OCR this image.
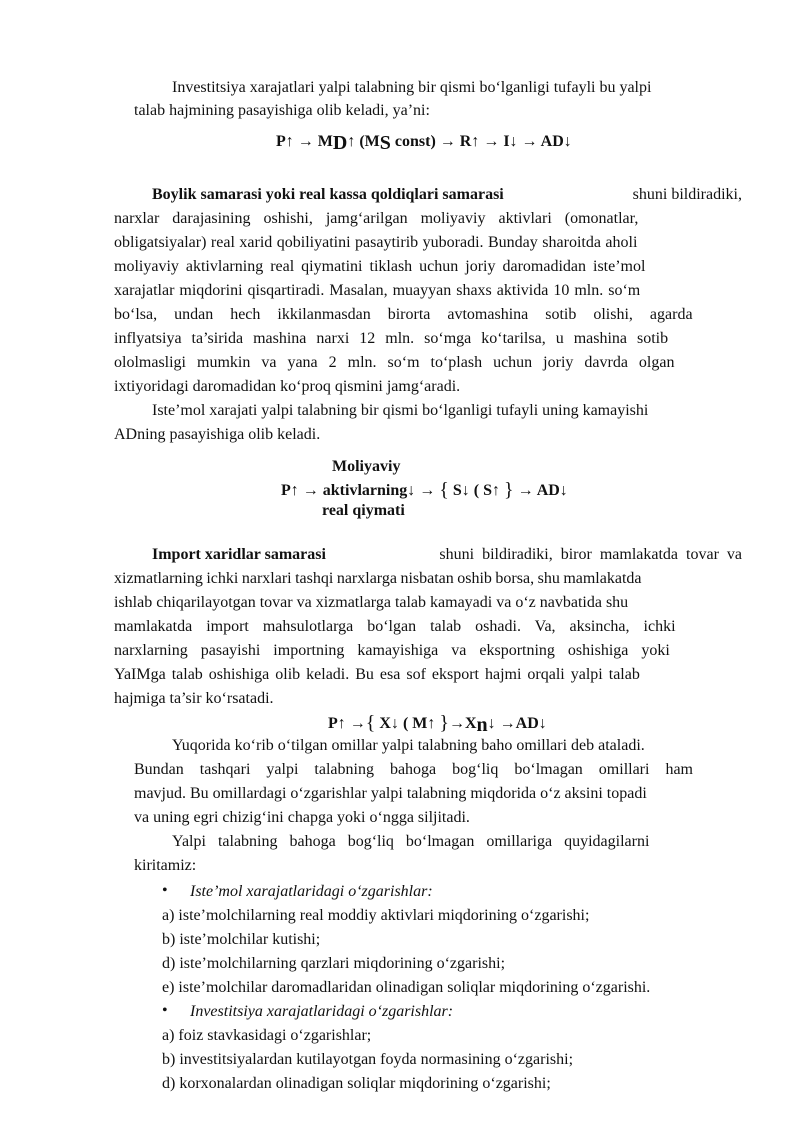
Investitsiya xarajatlari yalpi talabning bir qismi bo‘lganligi tufayli bu yalpi
talab hajmining pasayishiga olib keladi, ya’ni:
P↑ → MD↑ (MS const) → R↑ → I↓ → AD↓
Boylik samarasi yoki real kassa qoldiqlari samarasi	shuni bildiradiki,
narxlar darajasining oshishi, jamg‘arilgan moliyaviy aktivlari (omonatlar,
obligatsiyalar) real xarid qobiliyatini pasaytirib yuboradi. Bunday sharoitda aholi
moliyaviy aktivlarning real qiymatini tiklash uchun joriy daromadidan iste’mol
xarajatlar miqdorini qisqartiradi. Masalan, muayyan shaxs aktivida 10 mln. so‘m
bo‘lsa, undan hech ikkilanmasdan birorta avtomashina sotib olishi, agarda
inflyatsiya ta’sirida mashina narxi 12 mln. so‘mga ko‘tarilsa, u mashina sotib
ololmasligi mumkin va yana 2 mln. so‘m to‘plash uchun joriy davrda olgan
ixtiyoridagi daromadidan ko‘proq qismini jamg‘aradi.
Iste’mol xarajati yalpi talabning bir qismi bo‘lganligi tufayli uning kamayishi
ADning pasayishiga olib keladi.
Moliyaviy
P↑ → aktivlarning↓ → { S↓ ( S↑ } → AD↓
real qiymati
Import xaridlar samarasi	shuni bildiradiki, biror mamlakatda tovar va
xizmatlarning ichki narxlari tashqi narxlarga nisbatan oshib borsa, shu mamlakatda
ishlab chiqarilayotgan tovar va xizmatlarga talab kamayadi va o‘z navbatida shu
mamlakatda import mahsulotlarga bo‘lgan talab oshadi. Va, aksincha, ichki
narxlarning pasayishi importning kamayishiga va eksportning oshishiga yoki
YaIMga talab oshishiga olib keladi. Bu esa sof eksport hajmi orqali yalpi talab
hajmiga ta’sir ko‘rsatadi.
P↑ →{ X↓ ( M↑ }→Xn↓ →AD↓
Yuqorida ko‘rib o‘tilgan omillar yalpi talabning baho omillari deb ataladi.
Bundan tashqari yalpi talabning bahoga bog‘liq bo‘lmagan omillari ham
mavjud. Bu omillardagi o‘zgarishlar yalpi talabning miqdorida o‘z aksini topadi
va uning egri chizig‘ini chapga yoki o‘ngga siljitadi.
Yalpi talabning bahoga bog‘liq bo‘lmagan omillariga quyidagilarni
kiritamiz:
• Iste’mol xarajatlaridagi o‘zgarishlar:
a) iste’molchilarning real moddiy aktivlari miqdorining o‘zgarishi;
b) iste’molchilar kutishi;
d) iste’molchilarning qarzlari miqdorining o‘zgarishi;
e) iste’molchilar daromadlaridan olinadigan soliqlar miqdorining o‘zgarishi.
• Investitsiya xarajatlaridagi o‘zgarishlar:
a) foiz stavkasidagi o‘zgarishlar;
b) investitsiyalardan kutilayotgan foyda normasining o‘zgarishi;
d) korxonalardan olinadigan soliqlar miqdorining o‘zgarishi;
